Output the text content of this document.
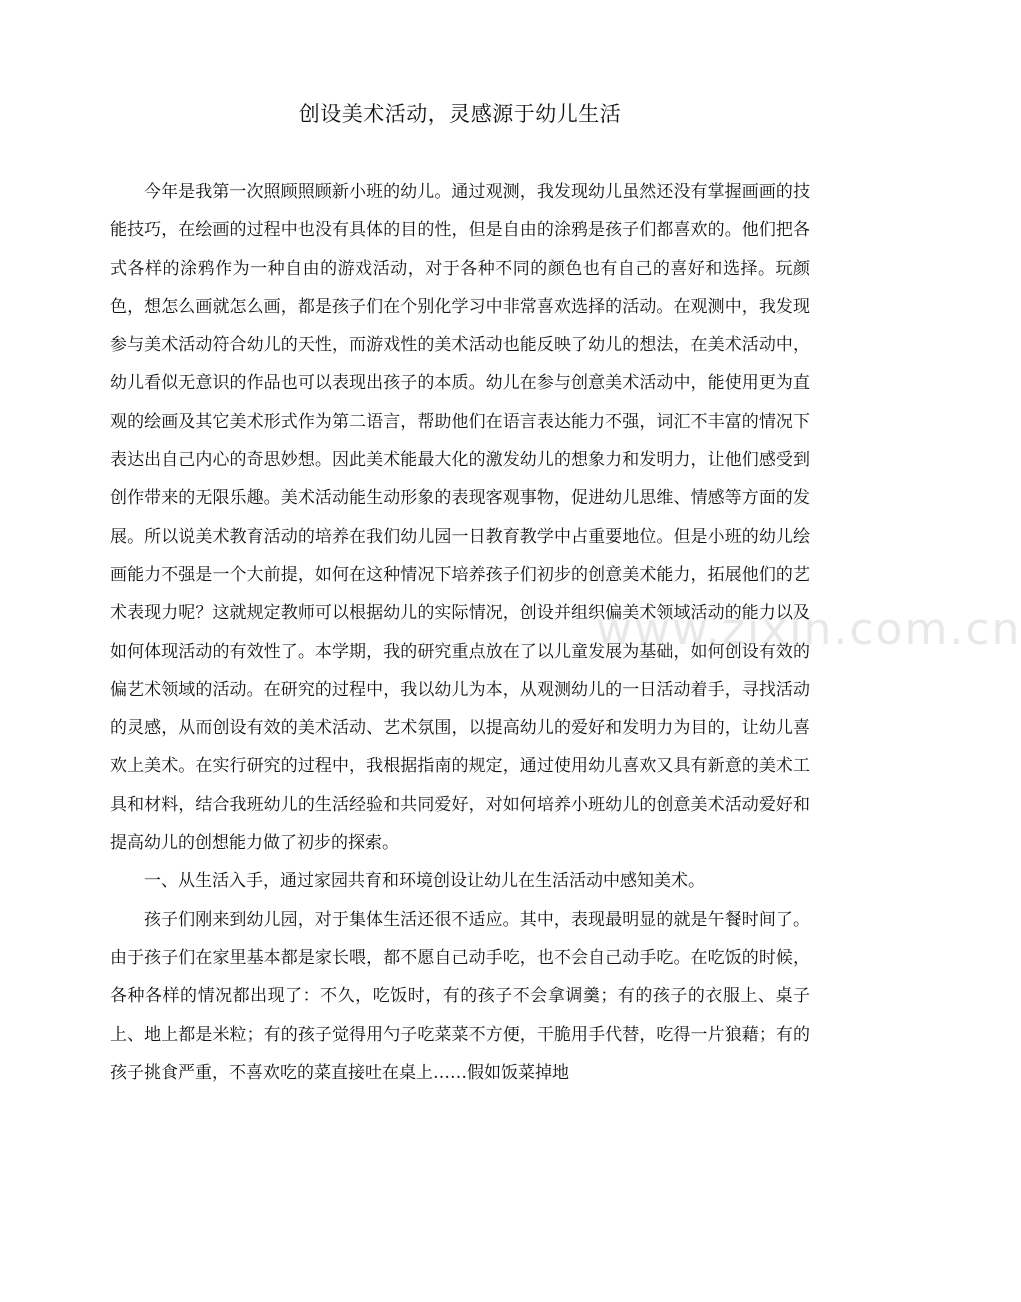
创设美术活动，灵感源于幼儿生活

今年是我第一次照顾照顾新小班的幼儿。通过观测，我发现幼儿虽然还没有掌握画画的技能技巧，在绘画的过程中也没有具体的目的性，但是自由的涂鸦是孩子们都喜欢的。他们把各式各样的涂鸦作为一种自由的游戏活动，对于各种不同的颜色也有自己的喜好和选择。玩颜色，想怎么画就怎么画，都是孩子们在个别化学习中非常喜欢选择的活动。在观测中，我发现参与美术活动符合幼儿的天性，而游戏性的美术活动也能反映了幼儿的想法，在美术活动中，幼儿看似无意识的作品也可以表现出孩子的本质。幼儿在参与创意美术活动中，能使用更为直观的绘画及其它美术形式作为第二语言，帮助他们在语言表达能力不强，词汇不丰富的情况下表达出自己内心的奇思妙想。因此美术能最大化的激发幼儿的想象力和发明力，让他们感受到创作带来的无限乐趣。美术活动能生动形象的表现客观事物，促进幼儿思维、情感等方面的发展。所以说美术教育活动的培养在我们幼儿园一日教育教学中占重要地位。但是小班的幼儿绘画能力不强是一个大前提，如何在这种情况下培养孩子们初步的创意美术能力，拓展他们的艺术表现力呢？这就规定教师可以根据幼儿的实际情况，创设并组织偏美术领域活动的能力以及如何体现活动的有效性了。本学期，我的研究重点放在了以儿童发展为基础，如何创设有效的偏艺术领域的活动。在研究的过程中，我以幼儿为本，从观测幼儿的一日活动着手，寻找活动的灵感，从而创设有效的美术活动、艺术氛围，以提高幼儿的爱好和发明力为目的，让幼儿喜欢上美术。在实行研究的过程中，我根据指南的规定，通过使用幼儿喜欢又具有新意的美术工具和材料，结合我班幼儿的生活经验和共同爱好，对如何培养小班幼儿的创意美术活动爱好和提高幼儿的创想能力做了初步的探索。

一、从生活入手，通过家园共育和环境创设让幼儿在生活活动中感知美术。

孩子们刚来到幼儿园，对于集体生活还很不适应。其中，表现最明显的就是午餐时间了。由于孩子们在家里基本都是家长喂，都不愿自己动手吃，也不会自己动手吃。在吃饭的时候，各种各样的情况都出现了：不久，吃饭时，有的孩子不会拿调羹；有的孩子的衣服上、桌子上、地上都是米粒；有的孩子觉得用勺子吃菜菜不方便，干脆用手代替，吃得一片狼藉；有的孩子挑食严重，不喜欢吃的菜直接吐在桌上……假如饭菜掉地

www.zixin.com.cn
